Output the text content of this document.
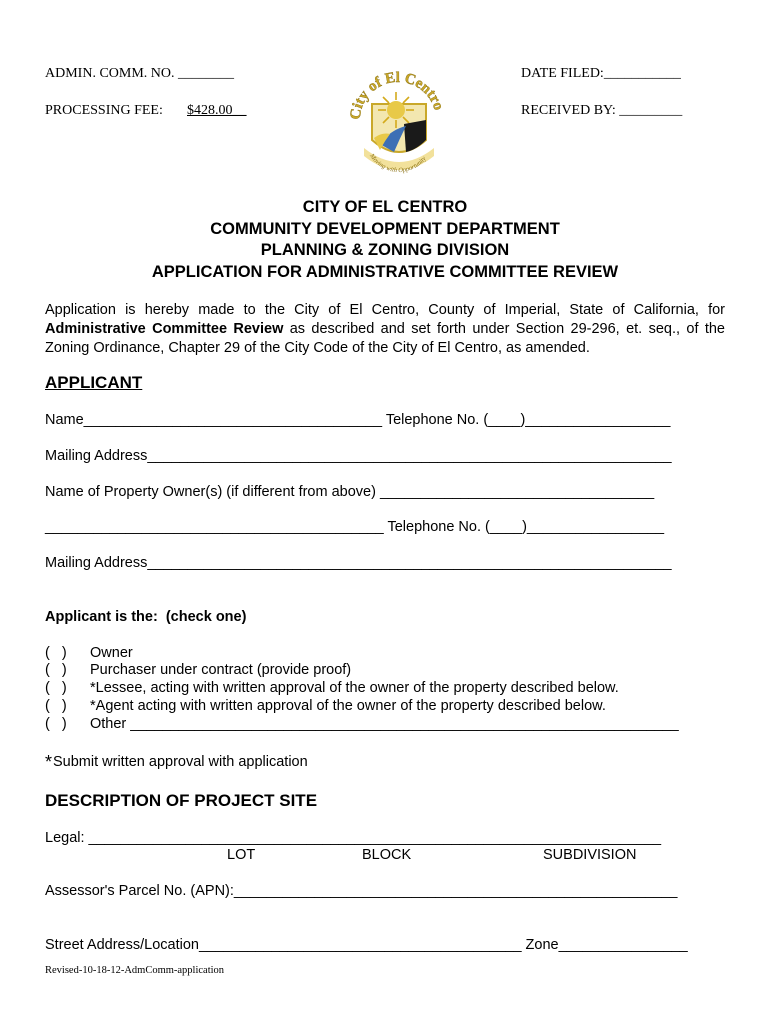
ADMIN. COMM. NO. ________
PROCESSING FEE: $428.00__
DATE FILED:___________
RECEIVED BY: _________
ity of El Centro
Moving with Opportunity
CITY OF EL CENTRO
COMMUNITY DEVELOPMENT DEPARTMENT
PLANNING & ZONING DIVISION
APPLICATION FOR ADMINISTRATIVE COMMITTEE REVIEW
Application is hereby made to the City of El Centro, County of Imperial, State of California, for
Administrative Committee Review as described and set forth under Section 29-296, et. seq., of the
Zoning Ordinance, Chapter 29 of the City Code of the City of El Centro, as amended.
APPLICANT
Name_____________________________________ Telephone No. (____)__________________
Mailing Address_________________________________________________________________
Name of Property Owner(s) (if different from above) __________________________________
__________________________________________ Telephone No. (____)_________________
Mailing Address_________________________________________________________________
Applicant is the:  (check one)
(   ) Owner
(   ) Purchaser under contract (provide proof)
(   ) *Lessee, acting with written approval of the owner of the property described below.
(   ) *Agent acting with written approval of the owner of the property described below.
(   ) Other ____________________________________________________________________
* Submit written approval with application
DESCRIPTION OF PROJECT SITE
Legal: _______________________________________________________________________
LOT	BLOCK	SUBDIVISION
Assessor's Parcel No. (APN):_______________________________________________________
Street Address/Location________________________________________ Zone________________
Revised-10-18-12-AdmComm-application
